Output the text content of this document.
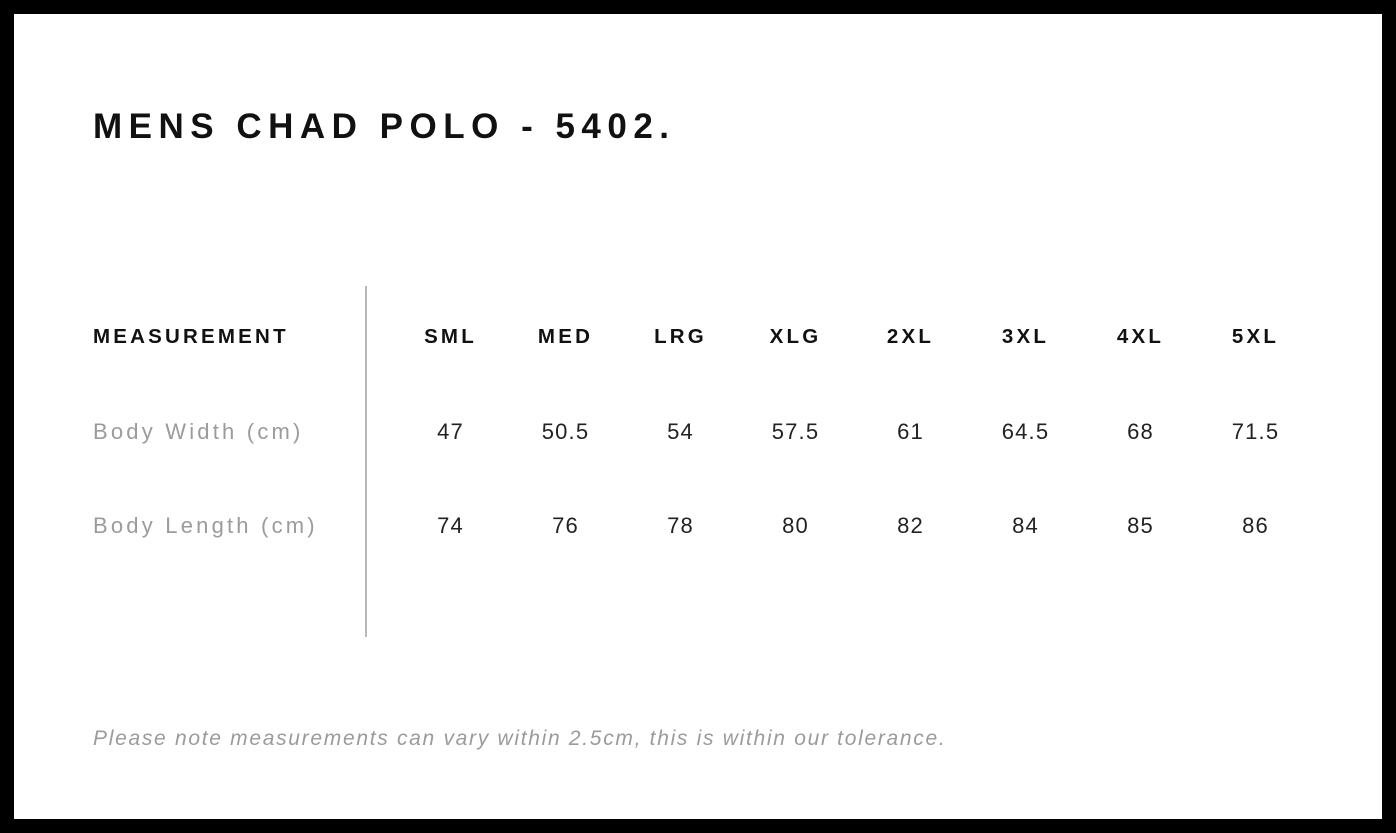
MENS CHAD POLO - 5402.
MEASUREMENT	SML	MED	LRG	XLG	2XL	3XL	4XL	5XL
Body Width (cm)	47	50.5	54	57.5	61	64.5	68	71.5
Body Length (cm)	74	76	78	80	82	84	85	86
Please note measurements can vary within 2.5cm, this is within our tolerance.
